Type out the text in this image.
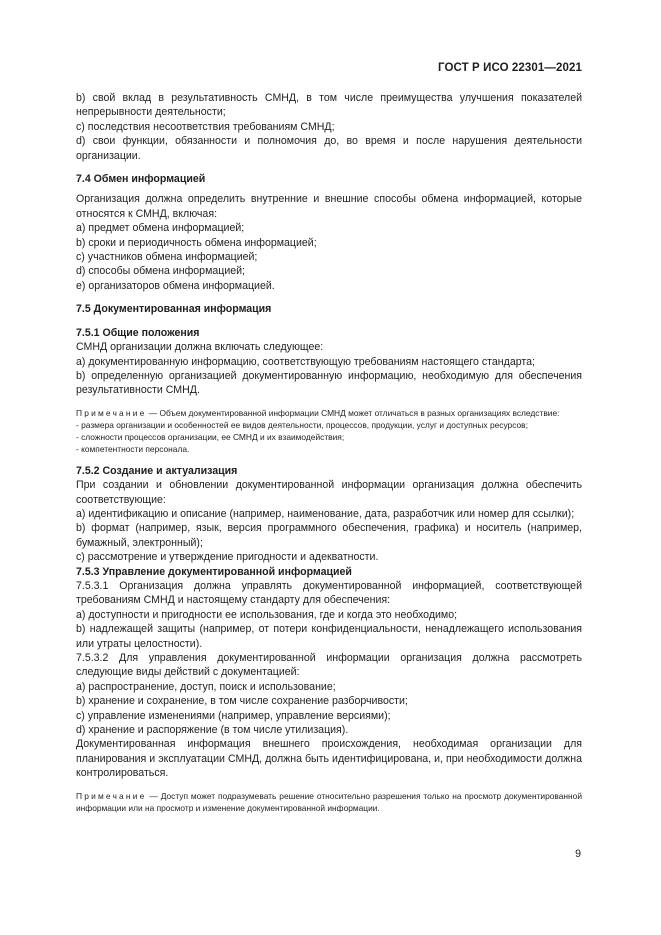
ГОСТ Р ИСО 22301—2021

b) свой вклад в результативность СМНД, в том числе преимущества улучшения показателей непрерывности деятельности;

c) последствия несоответствия требованиям СМНД;

d) свои функции, обязанности и полномочия до, во время и после нарушения деятельности организации.

7.4 Обмен информацией

Организация должна определить внутренние и внешние способы обмена информацией, которые относятся к СМНД, включая:

a) предмет обмена информацией;

b) сроки и периодичность обмена информацией;

c) участников обмена информацией;

d) способы обмена информацией;

e) организаторов обмена информацией.

7.5 Документированная информация

7.5.1 Общие положения

СМНД организации должна включать следующее:

a) документированную информацию, соответствующую требованиям настоящего стандарта;

b) определенную организацией документированную информацию, необходимую для обеспечения результативности СМНД.

Примечание — Объем документированной информации СМНД может отличаться в разных организациях вследствие:

- размера организации и особенностей ее видов деятельности, процессов, продукции, услуг и доступных ресурсов;

- сложности процессов организации, ее СМНД и их взаимодействия;

- компетентности персонала.

7.5.2 Создание и актуализация

При создании и обновлении документированной информации организация должна обеспечить соответствующие:

a) идентификацию и описание (например, наименование, дата, разработчик или номер для ссылки);

b) формат (например, язык, версия программного обеспечения, графика) и носитель (например, бумажный, электронный);

c) рассмотрение и утверждение пригодности и адекватности.

7.5.3 Управление документированной информацией

7.5.3.1 Организация должна управлять документированной информацией, соответствующей требованиям СМНД и настоящему стандарту для обеспечения:

a) доступности и пригодности ее использования, где и когда это необходимо;

b) надлежащей защиты (например, от потери конфиденциальности, ненадлежащего использования или утраты целостности).

7.5.3.2 Для управления документированной информации организация должна рассмотреть следующие виды действий с документацией:

a) распространение, доступ, поиск и использование;

b) хранение и сохранение, в том числе сохранение разборчивости;

c) управление изменениями (например, управление версиями);

d) хранение и распоряжение (в том числе утилизация).

Документированная информация внешнего происхождения, необходимая организации для планирования и эксплуатации СМНД, должна быть идентифицирована, и, при необходимости должна контролироваться.

Примечание — Доступ может подразумевать решение относительно разрешения только на просмотр документированной информации или на просмотр и изменение документированной информации.

9
